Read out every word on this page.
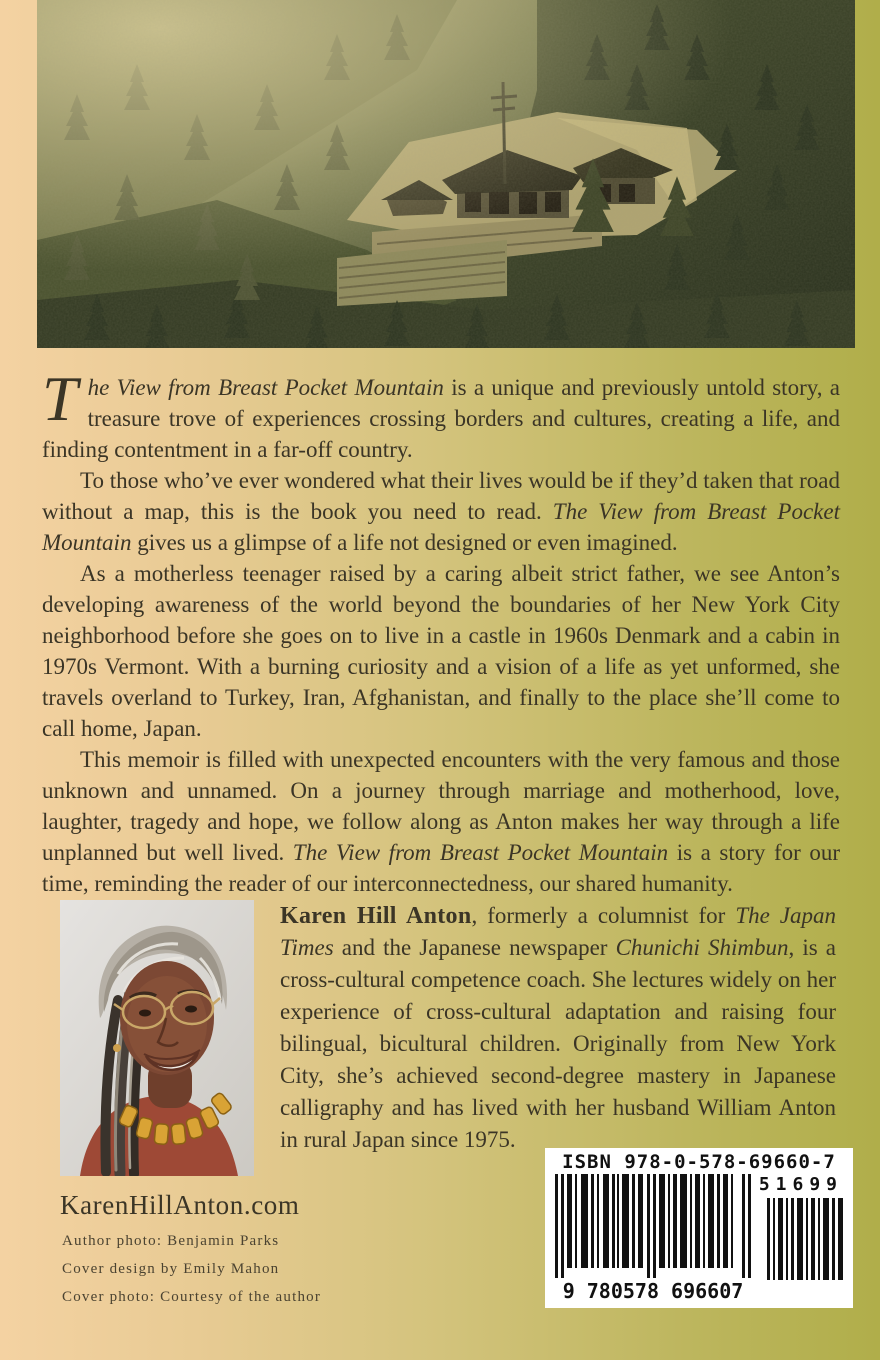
The View from Breast Pocket Mountain is a unique and previously untold story, a treasure trove of experiences crossing borders and cultures, creating a life, and finding contentment in a far-off country.

To those who’ve ever wondered what their lives would be if they’d taken that road without a map, this is the book you need to read. The View from Breast Pocket Mountain gives us a glimpse of a life not designed or even imagined.

As a motherless teenager raised by a caring albeit strict father, we see Anton’s developing awareness of the world beyond the boundaries of her New York City neighborhood before she goes on to live in a castle in 1960s Denmark and a cabin in 1970s Vermont. With a burning curiosity and a vision of a life as yet unformed, she travels overland to Turkey, Iran, Afghanistan, and finally to the place she’ll come to call home, Japan.

This memoir is filled with unexpected encounters with the very famous and those unknown and unnamed. On a journey through marriage and motherhood, love, laughter, tragedy and hope, we follow along as Anton makes her way through a life unplanned but well lived. The View from Breast Pocket Mountain is a story for our time, reminding the reader of our interconnectedness, our shared humanity.

Karen Hill Anton, formerly a columnist for The Japan Times and the Japanese newspaper Chunichi Shimbun, is a cross-cultural competence coach. She lectures widely on her experience of cross-cultural adaptation and raising four bilingual, bicultural children. Originally from New York City, she’s achieved second-degree mastery in Japanese calligraphy and has lived with her husband William Anton in rural Japan since 1975.
KarenHillAnton.com
Author photo: Benjamin Parks
Cover design by Emily Mahon
Cover photo: Courtesy of the author
ISBN 978-0-578-69660-7
51699
9 780578 696607
